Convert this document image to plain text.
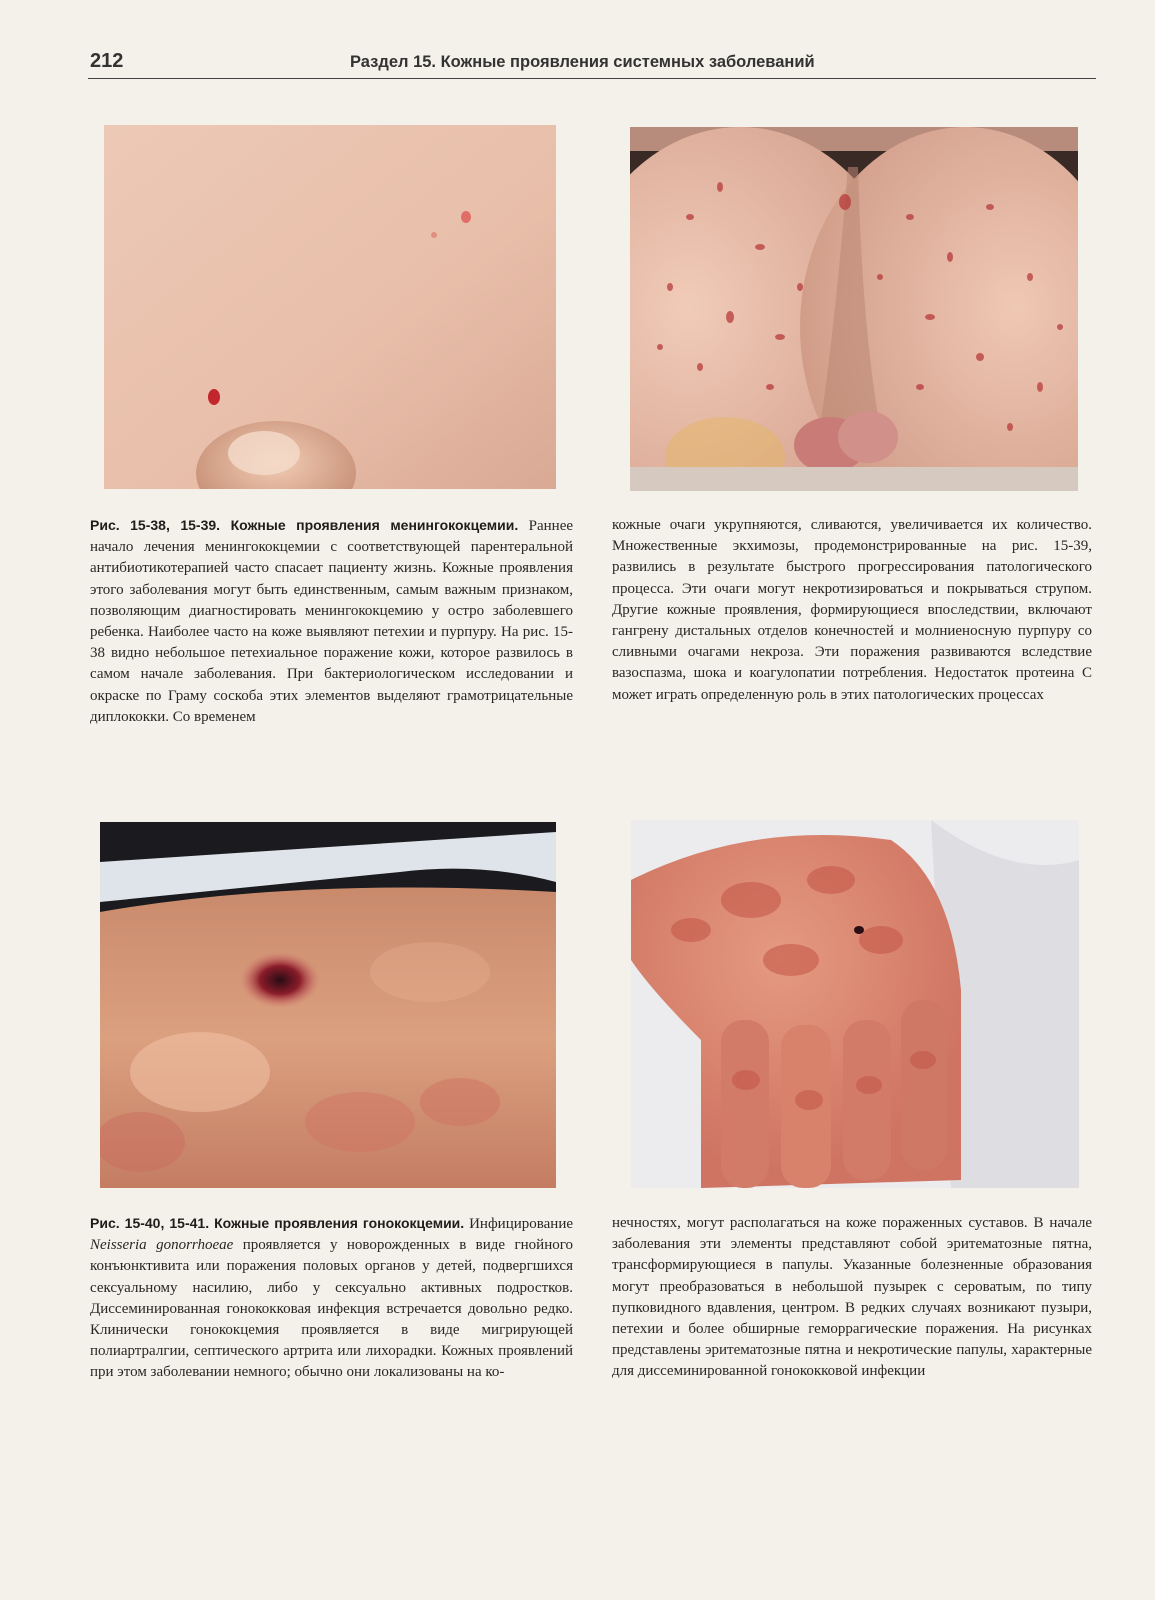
212	Раздел 15. Кожные проявления системных заболеваний

Рис. 15-38, 15-39. Кожные проявления менингококцемии. Раннее начало лечения менингококцемии с соответствующей парентеральной антибиотикотерапией часто спасает пациенту жизнь. Кожные проявления этого заболевания могут быть единственным, самым важным признаком, позволяющим диагностировать менингококцемию у остро заболевшего ребенка. Наиболее часто на коже выявляют петехии и пурпуру. На рис. 15-38 видно небольшое петехиальное поражение кожи, которое развилось в самом начале заболевания. При бактериологическом исследовании и окраске по Граму соскоба этих элементов выделяют грамотрицательные диплококки. Со временем

кожные очаги укрупняются, сливаются, увеличивается их количество. Множественные экхимозы, продемонстрированные на рис. 15-39, развились в результате быстрого прогрессирования патологического процесса. Эти очаги могут некротизироваться и покрываться струпом. Другие кожные проявления, формирующиеся впоследствии, включают гангрену дистальных отделов конечностей и молниеносную пурпуру со сливными очагами некроза. Эти поражения развиваются вследствие вазоспазма, шока и коагулопатии потребления. Недостаток протеина С может играть определенную роль в этих патологических процессах

Рис. 15-40, 15-41. Кожные проявления гонококцемии. Инфицирование Neisseria gonorrhoeae проявляется у новорожденных в виде гнойного конъюнктивита или поражения половых органов у детей, подвергшихся сексуальному насилию, либо у сексуально активных подростков. Диссеминированная гонококковая инфекция встречается довольно редко. Клинически гонококцемия проявляется в виде мигрирующей полиартралгии, септического артрита или лихорадки. Кожных проявлений при этом заболевании немного; обычно они локализованы на ко-

нечностях, могут располагаться на коже пораженных суставов. В начале заболевания эти элементы представляют собой эритематозные пятна, трансформирующиеся в папулы. Указанные болезненные образования могут преобразоваться в небольшой пузырек с сероватым, по типу пупковидного вдавления, центром. В редких случаях возникают пузыри, петехии и более обширные геморрагические поражения. На рисунках представлены эритематозные пятна и некротические папулы, характерные для диссеминированной гонококковой инфекции
